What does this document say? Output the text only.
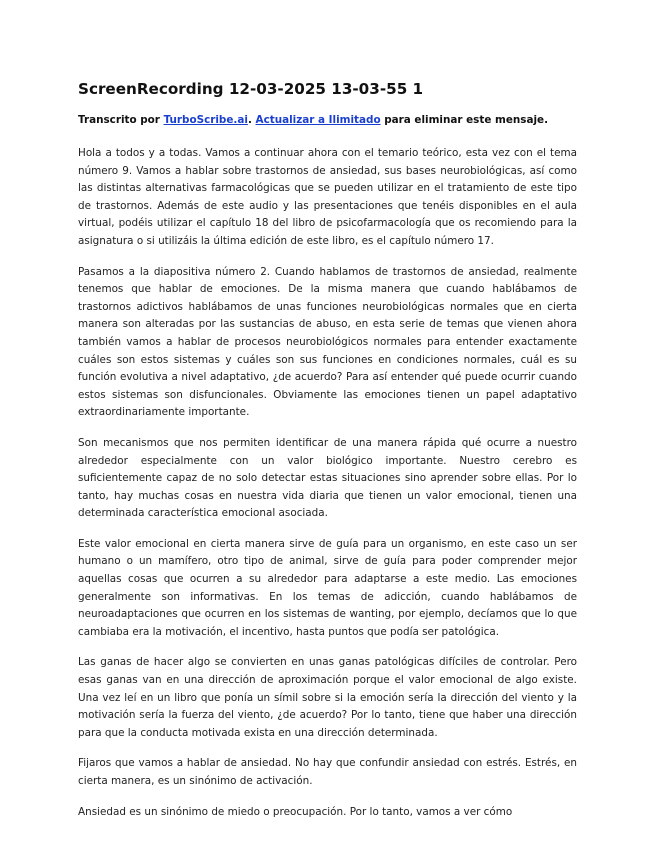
ScreenRecording 12-03-2025 13-03-55 1
Transcrito por TurboScribe.ai. Actualizar a Ilimitado para eliminar este mensaje.

Hola a todos y a todas. Vamos a continuar ahora con el temario teórico, esta vez con el tema número 9. Vamos a hablar sobre trastornos de ansiedad, sus bases neurobiológicas, así como las distintas alternativas farmacológicas que se pueden utilizar en el tratamiento de este tipo de trastornos. Además de este audio y las presentaciones que tenéis disponibles en el aula virtual, podéis utilizar el capítulo 18 del libro de psicofarmacología que os recomiendo para la asignatura o si utilizáis la última edición de este libro, es el capítulo número 17.

Pasamos a la diapositiva número 2. Cuando hablamos de trastornos de ansiedad, realmente tenemos que hablar de emociones. De la misma manera que cuando hablábamos de trastornos adictivos hablábamos de unas funciones neurobiológicas normales que en cierta manera son alteradas por las sustancias de abuso, en esta serie de temas que vienen ahora también vamos a hablar de procesos neurobiológicos normales para entender exactamente cuáles son estos sistemas y cuáles son sus funciones en condiciones normales, cuál es su función evolutiva a nivel adaptativo, ¿de acuerdo? Para así entender qué puede ocurrir cuando estos sistemas son disfuncionales. Obviamente las emociones tienen un papel adaptativo extraordinariamente importante.

Son mecanismos que nos permiten identificar de una manera rápida qué ocurre a nuestro alrededor especialmente con un valor biológico importante. Nuestro cerebro es suficientemente capaz de no solo detectar estas situaciones sino aprender sobre ellas. Por lo tanto, hay muchas cosas en nuestra vida diaria que tienen un valor emocional, tienen una determinada característica emocional asociada.

Este valor emocional en cierta manera sirve de guía para un organismo, en este caso un ser humano o un mamífero, otro tipo de animal, sirve de guía para poder comprender mejor aquellas cosas que ocurren a su alrededor para adaptarse a este medio. Las emociones generalmente son informativas. En los temas de adicción, cuando hablábamos de neuroadaptaciones que ocurren en los sistemas de wanting, por ejemplo, decíamos que lo que cambiaba era la motivación, el incentivo, hasta puntos que podía ser patológica.

Las ganas de hacer algo se convierten en unas ganas patológicas difíciles de controlar. Pero esas ganas van en una dirección de aproximación porque el valor emocional de algo existe. Una vez leí en un libro que ponía un símil sobre si la emoción sería la dirección del viento y la motivación sería la fuerza del viento, ¿de acuerdo? Por lo tanto, tiene que haber una dirección para que la conducta motivada exista en una dirección determinada.

Fijaros que vamos a hablar de ansiedad. No hay que confundir ansiedad con estrés. Estrés, en cierta manera, es un sinónimo de activación.

Ansiedad es un sinónimo de miedo o preocupación. Por lo tanto, vamos a ver cómo
